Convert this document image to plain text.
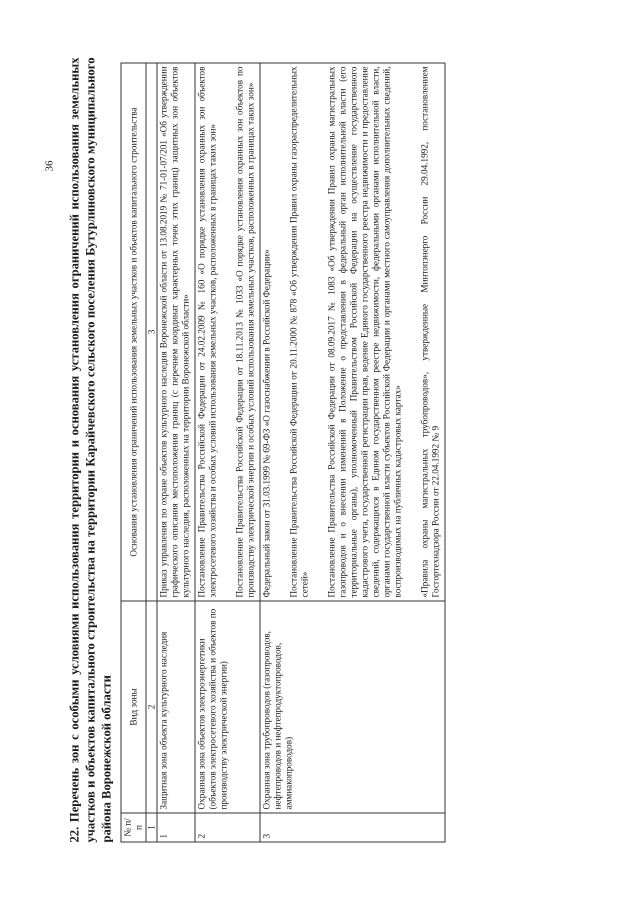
36 22. Перечень зон с особыми условиями использования территории и основания установления ограничений использования земельных участков и объектов капитального строительства на территории Карайчевского сельского поселения Бутурлиновского муниципального района Воронежской области № п/п	Вид зоны	Основания установления ограничений использования земельных участков и объектов капитального строительства
1	2	3
1	Защитная зона объекта культурного наследия	Приказ управления по охране объектов культурного наследия Воронежской области от 13.08.2019 № 71-01-07/201 «Об утверждении графического описания местоположения границ (с перечнем координат характерных точек этих границ) защитных зон объектов культурного наследия, расположенных на территории Воронежской области»

2	Охранная зона объектов электроэнергетики (объектов электросетевого хозяйства и объектов по производству электрической энергии)	Постановление Правительства Российской Федерации от 24.02.2009 № 160 «О порядке установления охранных зон объектов электросетевого хозяйства и особых условий использования земельных участков, расположенных в границах таких зон» Постановление Правительства Российской Федерации от 18.11.2013 № 1033 «О порядке установления охранных зон объектов по производству электрической энергии и особых условий использования земельных участков, расположенных в границах таких зон»

3	Охранная зона трубопроводов (газопроводов, нефтепроводов и нефтепродуктопроводов, аммиакопроводов)	Федеральный закон от 31.03.1999 № 69-ФЗ «О газоснабжении в Российской Федерации» Постановление Правительства Российской Федерации от 20.11.2000 № 878 «Об утверждении Правил охраны газораспределительных сетей» Постановление Правительства Российской Федерации от 08.09.2017 № 1083 «Об утверждении Правил охраны магистральных газопроводов и о внесении изменений в Положение о представлении в федеральный орган исполнительной власти (его территориальные органы), уполномоченный Правительством Российской Федерации на осуществление государственного кадастрового учета, государственной регистрации прав, ведение Единого государственного реестра недвижимости и предоставление сведений, содержащихся в Едином государственном реестре недвижимости, федеральными органами исполнительной власти, органами государственной власти субъектов Российской Федерации и органами местного самоуправления дополнительных сведений, воспроизводимых на публичных кадастровых картах» «Правила охраны магистральных трубопроводов», утвержденные Минтопэнерго России 29.04.1992, постановлением Госгортехнадзора России от 22.04.1992 № 9
